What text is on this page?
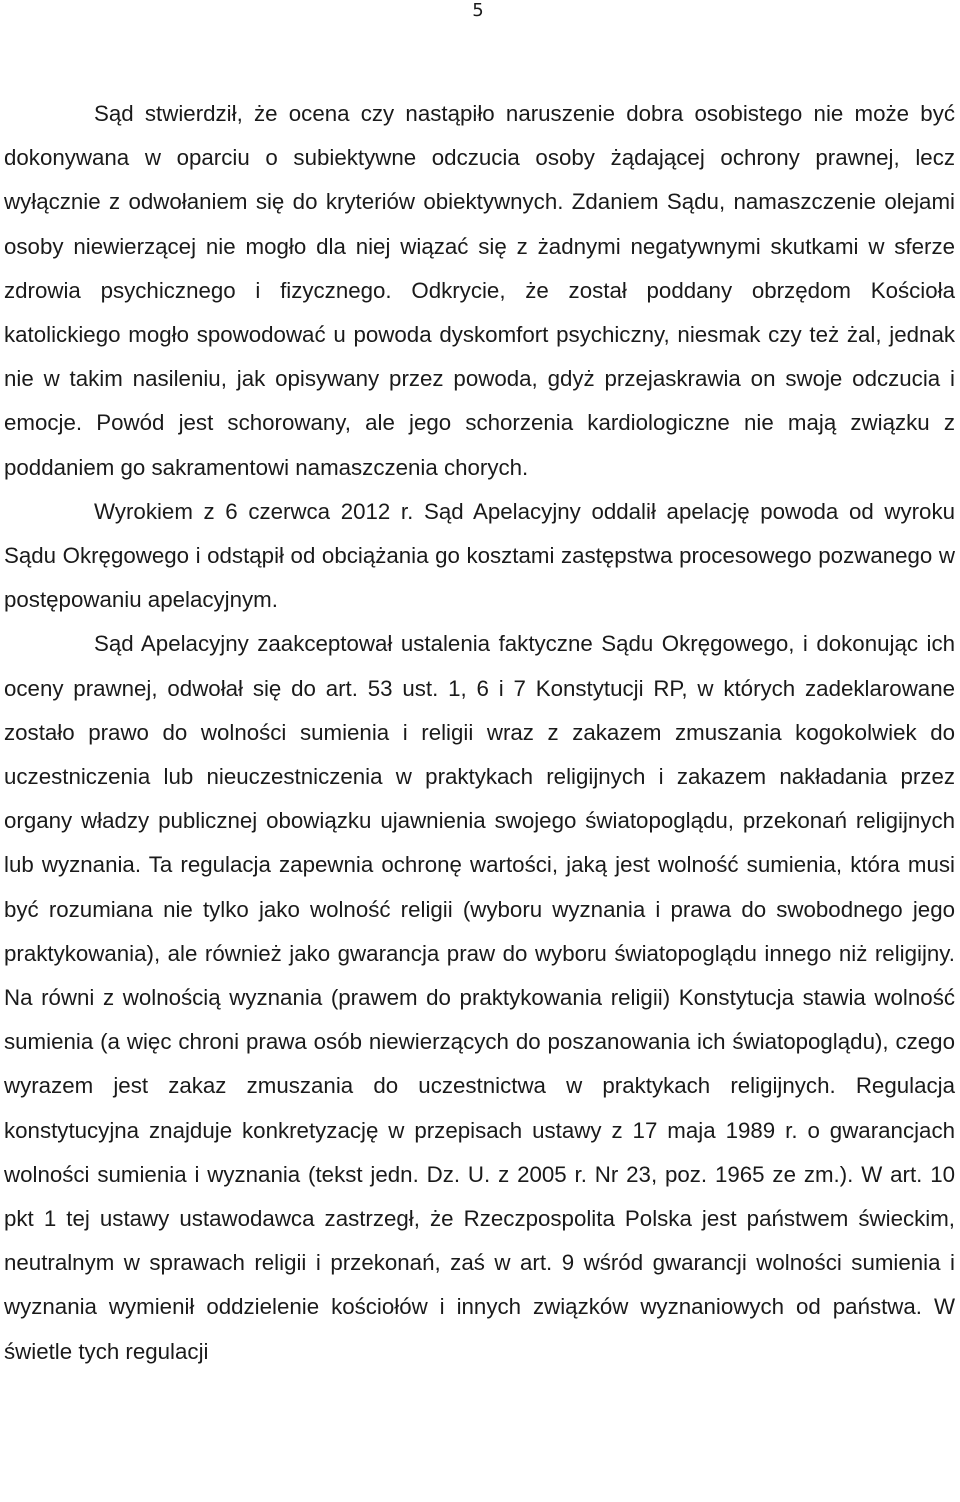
5

Sąd stwierdził, że ocena czy nastąpiło naruszenie dobra osobistego nie może być dokonywana w oparciu o subiektywne odczucia osoby żądającej ochrony prawnej, lecz wyłącznie z odwołaniem się do kryteriów obiektywnych. Zdaniem Sądu, namaszczenie olejami osoby niewierzącej nie mogło dla niej wiązać się z żadnymi negatywnymi skutkami w sferze zdrowia psychicznego i fizycznego. Odkrycie, że został poddany obrzędom Kościoła katolickiego mogło spowodować u powoda dyskomfort psychiczny, niesmak czy też żal, jednak nie w takim nasileniu, jak opisywany przez powoda, gdyż przejaskrawia on swoje odczucia i emocje. Powód jest schorowany, ale jego schorzenia kardiologiczne nie mają związku z poddaniem go sakramentowi namaszczenia chorych.

Wyrokiem z 6 czerwca 2012 r. Sąd Apelacyjny oddalił apelację powoda od wyroku Sądu Okręgowego i odstąpił od obciążania go kosztami zastępstwa procesowego pozwanego w postępowaniu apelacyjnym.

Sąd Apelacyjny zaakceptował ustalenia faktyczne Sądu Okręgowego, i dokonując ich oceny prawnej, odwołał się do art. 53 ust. 1, 6 i 7 Konstytucji RP, w których zadeklarowane zostało prawo do wolności sumienia i religii wraz z zakazem zmuszania kogokolwiek do uczestniczenia lub nieuczestniczenia w praktykach religijnych i zakazem nakładania przez organy władzy publicznej obowiązku ujawnienia swojego światopoglądu, przekonań religijnych lub wyznania. Ta regulacja zapewnia ochronę wartości, jaką jest wolność sumienia, która musi być rozumiana nie tylko jako wolność religii (wyboru wyznania i prawa do swobodnego jego praktykowania), ale również jako gwarancja praw do wyboru światopoglądu innego niż religijny. Na równi z wolnością wyznania (prawem do praktykowania religii) Konstytucja stawia wolność sumienia (a więc chroni prawa osób niewierzących do poszanowania ich światopoglądu), czego wyrazem jest zakaz zmuszania do uczestnictwa w praktykach religijnych. Regulacja konstytucyjna znajduje konkretyzację w przepisach ustawy z 17 maja 1989 r. o gwarancjach wolności sumienia i wyznania (tekst jedn. Dz. U. z 2005 r. Nr 23, poz. 1965 ze zm.). W art. 10 pkt 1 tej ustawy ustawodawca zastrzegł, że Rzeczpospolita Polska jest państwem świeckim, neutralnym w sprawach religii i przekonań, zaś w art. 9 wśród gwarancji wolności sumienia i wyznania wymienił oddzielenie kościołów i innych związków wyznaniowych od państwa. W świetle tych regulacji
